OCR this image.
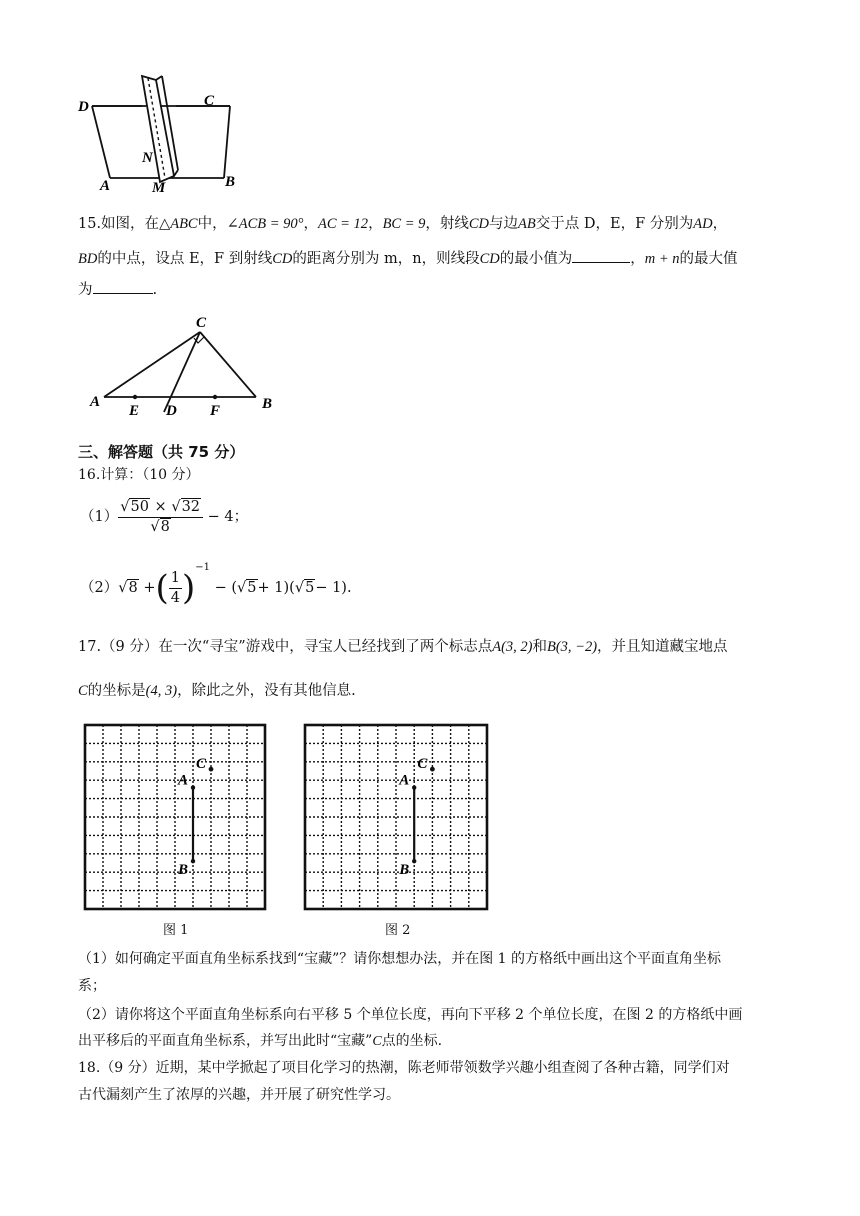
D	C
N
A	M	B
15.如图，在△ABC中，∠ACB = 90°，AC = 12，BC = 9，射线CD与边AB交于点 D，E，F 分别为AD，
BD的中点，设点 E，F 到射线CD的距离分别为 m，n，则线段CD的最小值为	，m + n的最大值
为	.
C
A
E D F	B
三、解答题（共 75 分）
16.计算：（10 分）
$(1) \frac{√50 \times √32}{√8} - 4$；
（2）√8 +( $\frac{1}{4} )^{-1} - (√5+ 1)(√5- 1)$.
17.（9 分）在一次“寻宝”游戏中，寻宝人已经找到了两个标志点A(3, 2)和B(3, −2)，并且知道藏宝地点
C的坐标是(4, 3)，除此之外，没有其他信息.
A
B
C
A
B
C
图 1	图 2
（1）如何确定平面直角坐标系找到“宝藏”？请你想想办法，并在图 1 的方格纸中画出这个平面直角坐标
系；
（2）请你将这个平面直角坐标系向右平移 5 个单位长度，再向下平移 2 个单位长度，在图 2 的方格纸中画
出平移后的平面直角坐标系，并写出此时“宝藏”C点的坐标.
18.（9 分）近期，某中学掀起了项目化学习的热潮，陈老师带领数学兴趣小组查阅了各种古籍，同学们对
古代漏刻产生了浓厚的兴趣，并开展了研究性学习。
